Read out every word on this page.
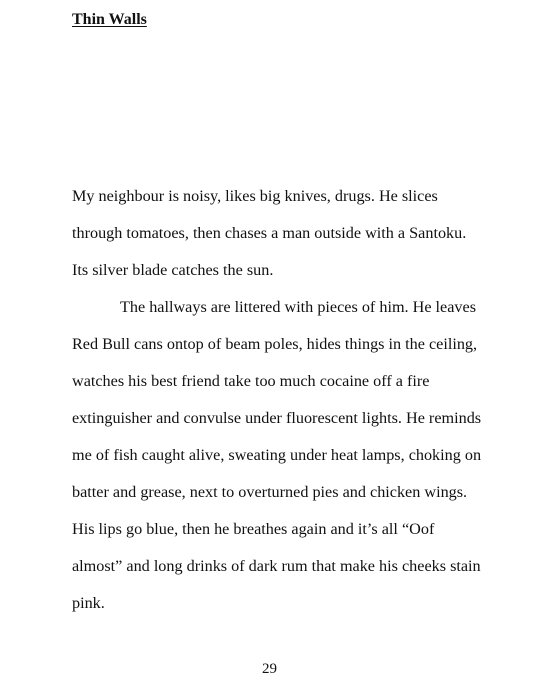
Thin Walls

My neighbour is noisy, likes big knives, drugs. He slices

through tomatoes, then chases a man outside with a Santoku.

Its silver blade catches the sun.

The hallways are littered with pieces of him. He leaves

Red Bull cans ontop of beam poles, hides things in the ceiling,

watches his best friend take too much cocaine off a fire

extinguisher and convulse under fluorescent lights. He reminds

me of fish caught alive, sweating under heat lamps, choking on

batter and grease, next to overturned pies and chicken wings.

His lips go blue, then he breathes again and it’s all “Oof

almost” and long drinks of dark rum that make his cheeks stain

pink.

29
